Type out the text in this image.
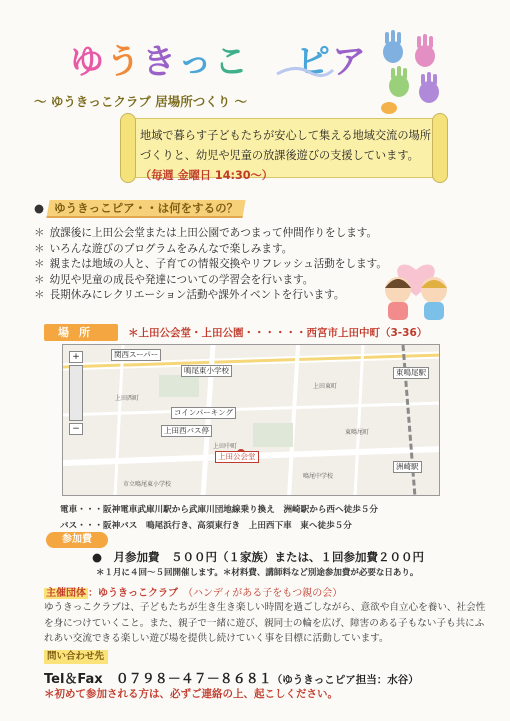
ゆうきっこ ピア
～ ゆうきっこクラブ 居場所つくり ～
地域で暮らす子どもたちが安心して集える地域交流の場所づくりと、幼児や児童の放課後遊びの支援しています。（毎週 金曜日 14:30～）
● ゆうきっこピア・・は何をするの？
＊ 放課後に上田公会堂または上田公園であつまって仲間作りをします。
＊ いろんな遊びのプログラムをみんなで楽しみます。
＊ 親または地域の人と、子育ての情報交換やリフレッシュ活動をします。
＊ 幼児や児童の成長や発達についての学習会を行います。
＊ 長期休みにレクリエーション活動や課外イベントを行います。
場所	＊上田公会堂・上田公園・・・・・・西宮市上田中町（3-36）
+
−
関西スーパー
鳴尾東小学校
コインパーキング
上田西バス停
上田公会堂
東鳴尾駅
洲崎駅
上田西町
上田中町
上田東町
東鳴尾町
鳴尾中学校
市立鳴尾東小学校
電車・・・阪神電車武庫川駅から武庫川団地線乗り換え　洲崎駅から西へ徒歩５分
バス・・・阪神バス　鳴尾浜行き、高須東行き　上田西下車　東へ徒歩５分
参加費
●　月参加費　５００円（１家族）または、１回参加費２００円
＊１月に４回～５回開催します。＊材料費、講師料など別途参加費が必要な日あり。
主催団体 ：ゆうきっこクラブ　 （ハンディがある子をもつ親の会）
ゆうきっこクラブは、子どもたちが生き生き楽しい時間を過ごしながら、意欲や自立心を養い、社会性を身につけていくこと。また、親子で一緒に遊び、親同士の輪を広げ、障害のある子もない子も共にふれあい交流できる楽しい遊び場を提供し続けていく事を目標に活動しています。
問い合わせ先
Tel＆Fax　０７９８－４７－８６８１（ゆうきっこピア担当：水谷）
＊初めて参加される方は、必ずご連絡の上、起こしください。
